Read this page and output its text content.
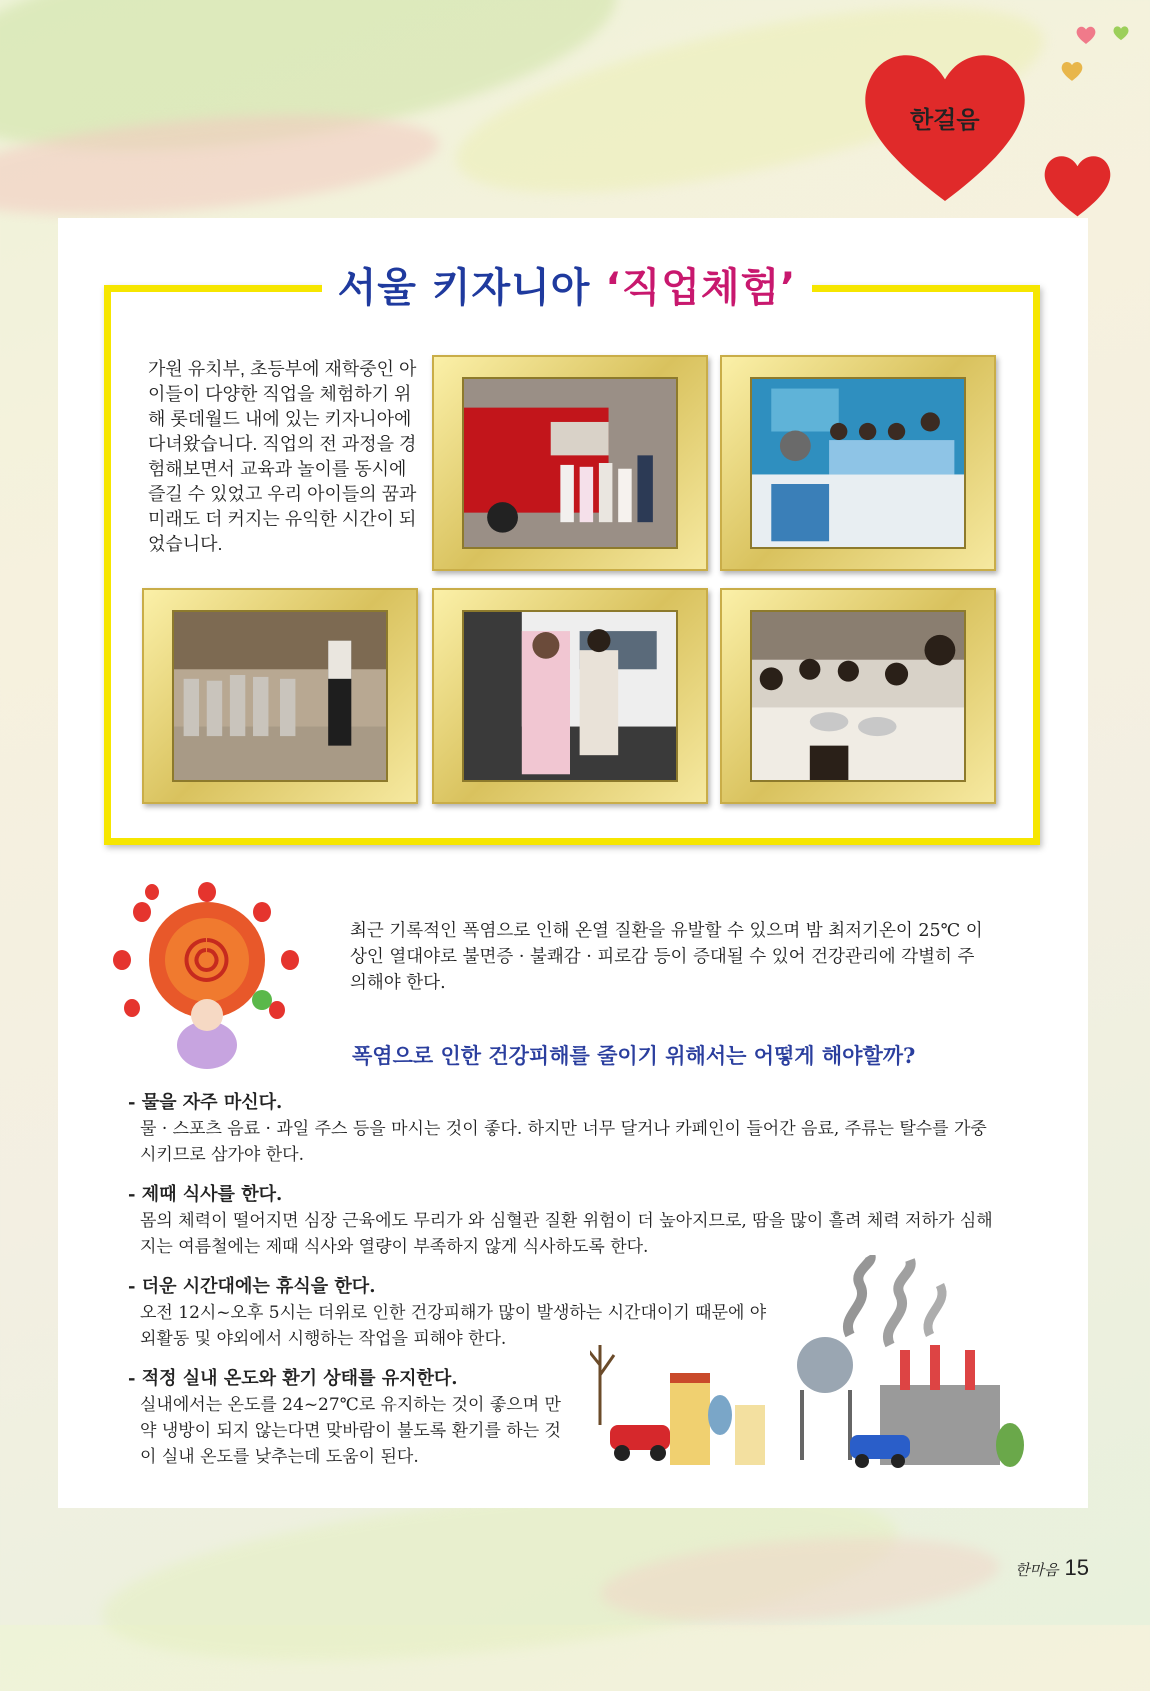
한걸음
서울 키자니아 ‘직업체험’
가원 유치부, 초등부에 재학중인 아이들이 다양한 직업을 체험하기 위해 롯데월드 내에 있는 키자니아에 다녀왔습니다. 직업의 전 과정을 경험해보면서 교육과 놀이를 동시에 즐길 수 있었고 우리 아이들의 꿈과 미래도 더 커지는 유익한 시간이 되었습니다.
최근 기록적인 폭염으로 인해 온열 질환을 유발할 수 있으며 밤 최저기온이 25℃ 이상인 열대야로 불면증 · 불쾌감 · 피로감 등이 증대될 수 있어 건강관리에 각별히 주의해야 한다.
폭염으로 인한 건강피해를 줄이기 위해서는 어떻게 해야할까?
- 물을 자주 마신다.
물 · 스포츠 음료 · 과일 주스 등을 마시는 것이 좋다. 하지만 너무 달거나 카페인이 들어간 음료, 주류는 탈수를 가중 시키므로 삼가야 한다.
- 제때 식사를 한다.
몸의 체력이 떨어지면 심장 근육에도 무리가 와 심혈관 질환 위험이 더 높아지므로, 땀을 많이 흘려 체력 저하가 심해지는 여름철에는 제때 식사와 열량이 부족하지 않게 식사하도록 한다.
- 더운 시간대에는 휴식을 한다.
오전 12시~오후 5시는 더위로 인한 건강피해가 많이 발생하는 시간대이기 때문에 야외활동 및 야외에서 시행하는 작업을 피해야 한다.
- 적정 실내 온도와 환기 상태를 유지한다.
실내에서는 온도를 24~27℃로 유지하는 것이 좋으며 만약 냉방이 되지 않는다면 맞바람이 불도록 환기를 하는 것이 실내 온도를 낮추는데 도움이 된다.
한마음 15
